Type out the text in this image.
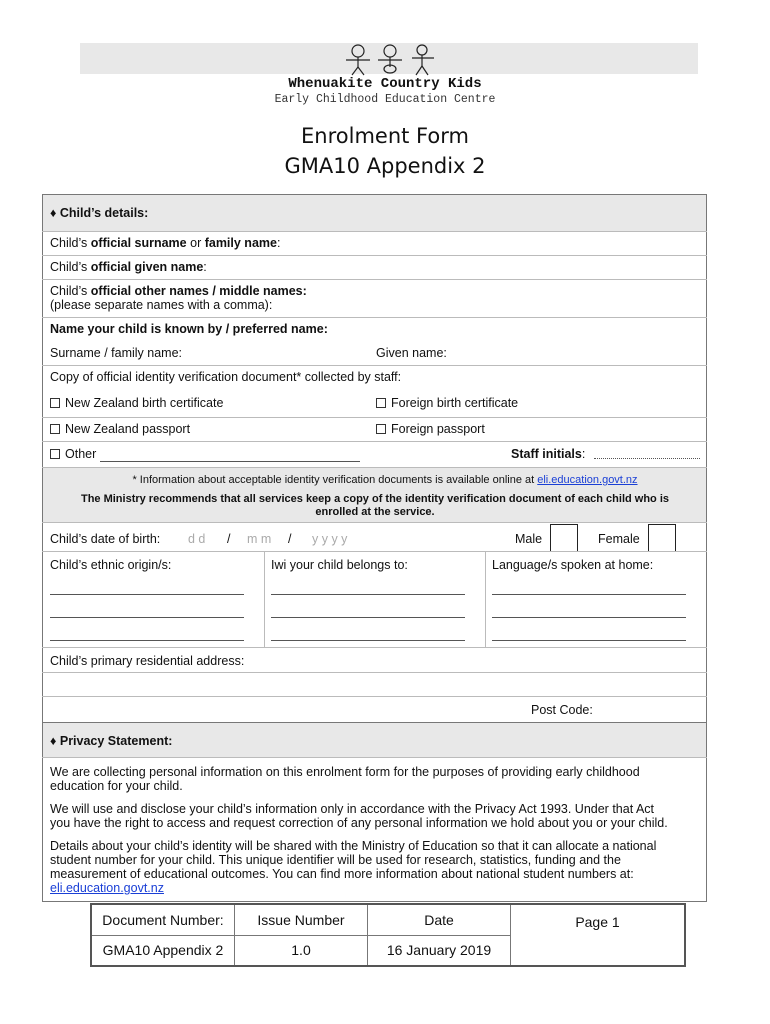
Whenuakite Country Kids
Early Childhood Education Centre
Enrolment Form
GMA10 Appendix 2
♦ Child’s details:
Child’s official surname or family name:
Child’s official given name:
Child’s official other names / middle names:
(please separate names with a comma):
Name your child is known by / preferred name:
Surname / family name:	Given name:
Copy of official identity verification document* collected by staff:
New Zealand birth certificate	Foreign birth certificate
New Zealand passport	Foreign passport
Other	Staff initials:
* Information about acceptable identity verification documents is available online at eli.education.govt.nz
The Ministry recommends that all services keep a copy of the identity verification document of each child who is
enrolled at the service.
Child’s date of birth: d d / m m / y y y y	Male	Female
Child’s ethnic origin/s:	Iwi your child belongs to:	Language/s spoken at home:
Child’s primary residential address:
Post Code:
♦ Privacy Statement:
We are collecting personal information on this enrolment form for the purposes of providing early childhood
education for your child.
We will use and disclose your child’s information only in accordance with the Privacy Act 1993. Under that Act
you have the right to access and request correction of any personal information we hold about you or your child.
Details about your child’s identity will be shared with the Ministry of Education so that it can allocate a national
student number for your child. This unique identifier will be used for research, statistics, funding and the
measurement of educational outcomes. You can find more information about national student numbers at:
eli.education.govt.nz
Document Number:	Issue Number	Date	Page 1
GMA10 Appendix 2	1.0	16 January 2019	
